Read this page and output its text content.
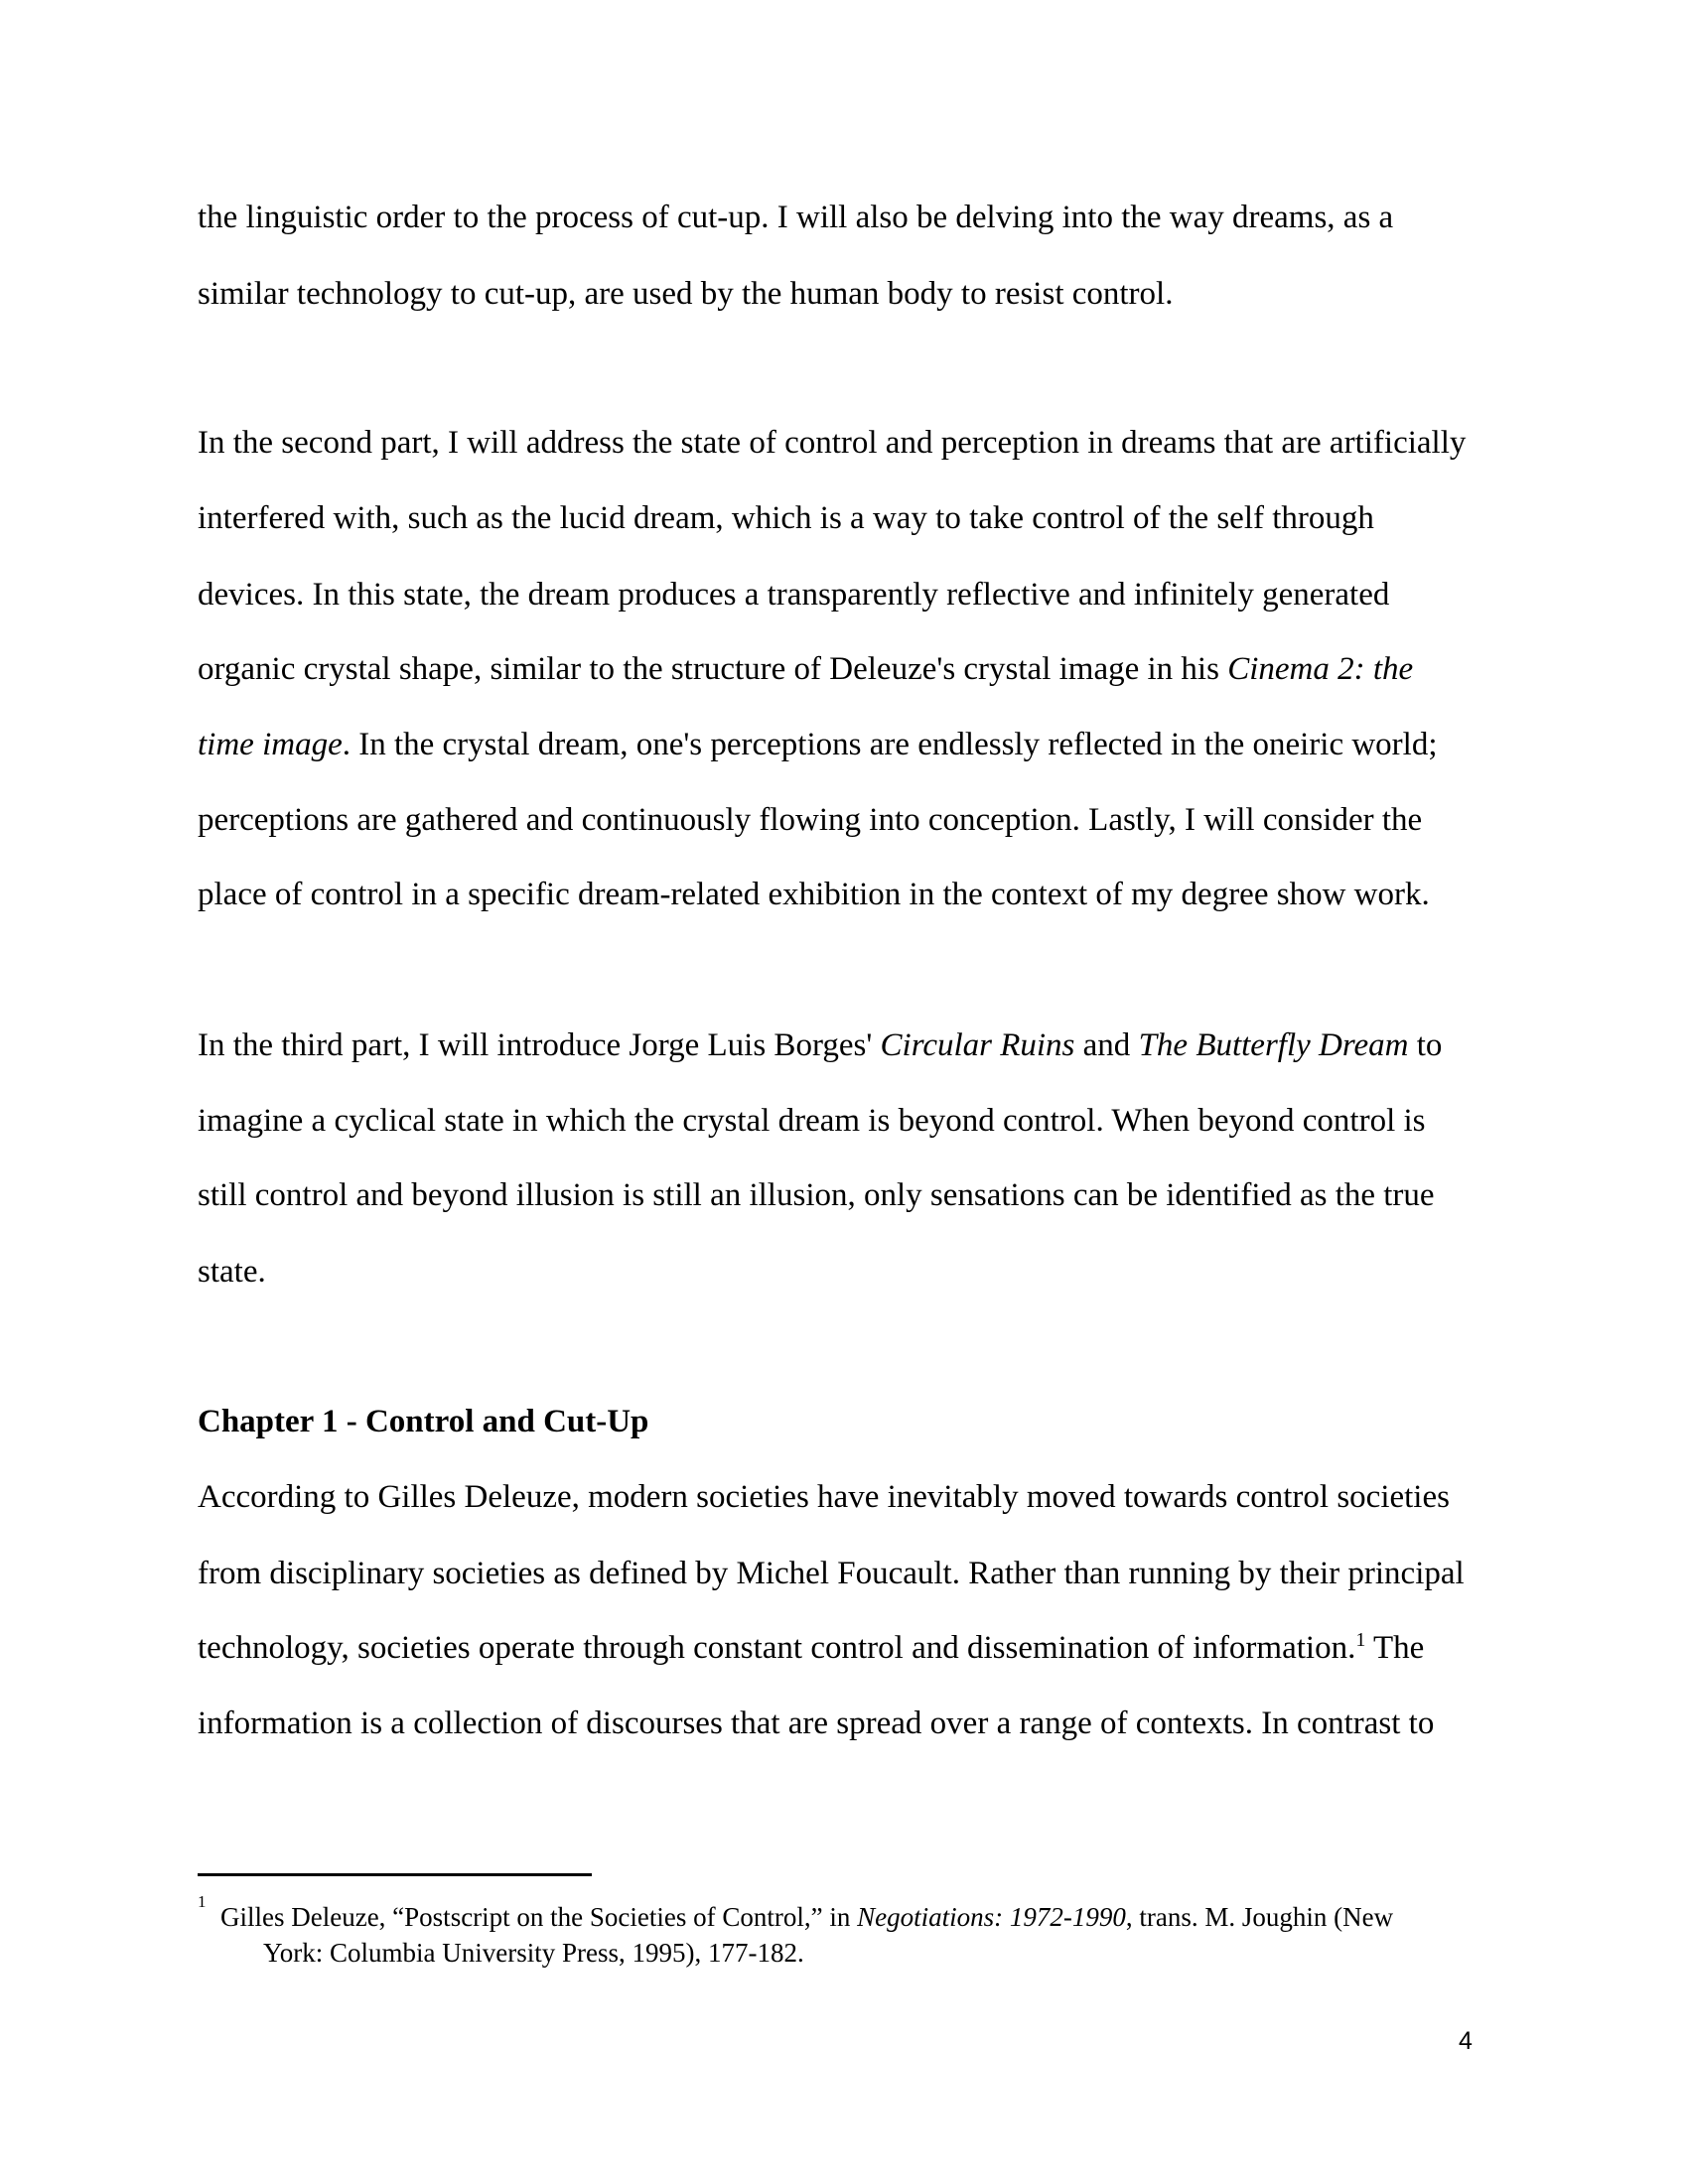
the linguistic order to the process of cut-up. I will also be delving into the way dreams, as a
similar technology to cut-up, are used by the human body to resist control.
In the second part, I will address the state of control and perception in dreams that are artificially
interfered with, such as the lucid dream, which is a way to take control of the self through
devices. In this state, the dream produces a transparently reflective and infinitely generated
organic crystal shape, similar to the structure of Deleuze's crystal image in his Cinema 2: the
time image. In the crystal dream, one's perceptions are endlessly reflected in the oneiric world;
perceptions are gathered and continuously flowing into conception. Lastly, I will consider the
place of control in a specific dream-related exhibition in the context of my degree show work.
In the third part, I will introduce Jorge Luis Borges' Circular Ruins and The Butterfly Dream to
imagine a cyclical state in which the crystal dream is beyond control. When beyond control is
still control and beyond illusion is still an illusion, only sensations can be identified as the true
state.
Chapter 1 - Control and Cut-Up
According to Gilles Deleuze, modern societies have inevitably moved towards control societies
from disciplinary societies as defined by Michel Foucault. Rather than running by their principal
technology, societies operate through constant control and dissemination of information.$^1$ The
information is a collection of discourses that are spread over a range of contexts. In contrast to
1
Gilles Deleuze, “Postscript on the Societies of Control,” in Negotiations: 1972-1990, trans. M. Joughin (New
York: Columbia University Press, 1995), 177-182.
4
